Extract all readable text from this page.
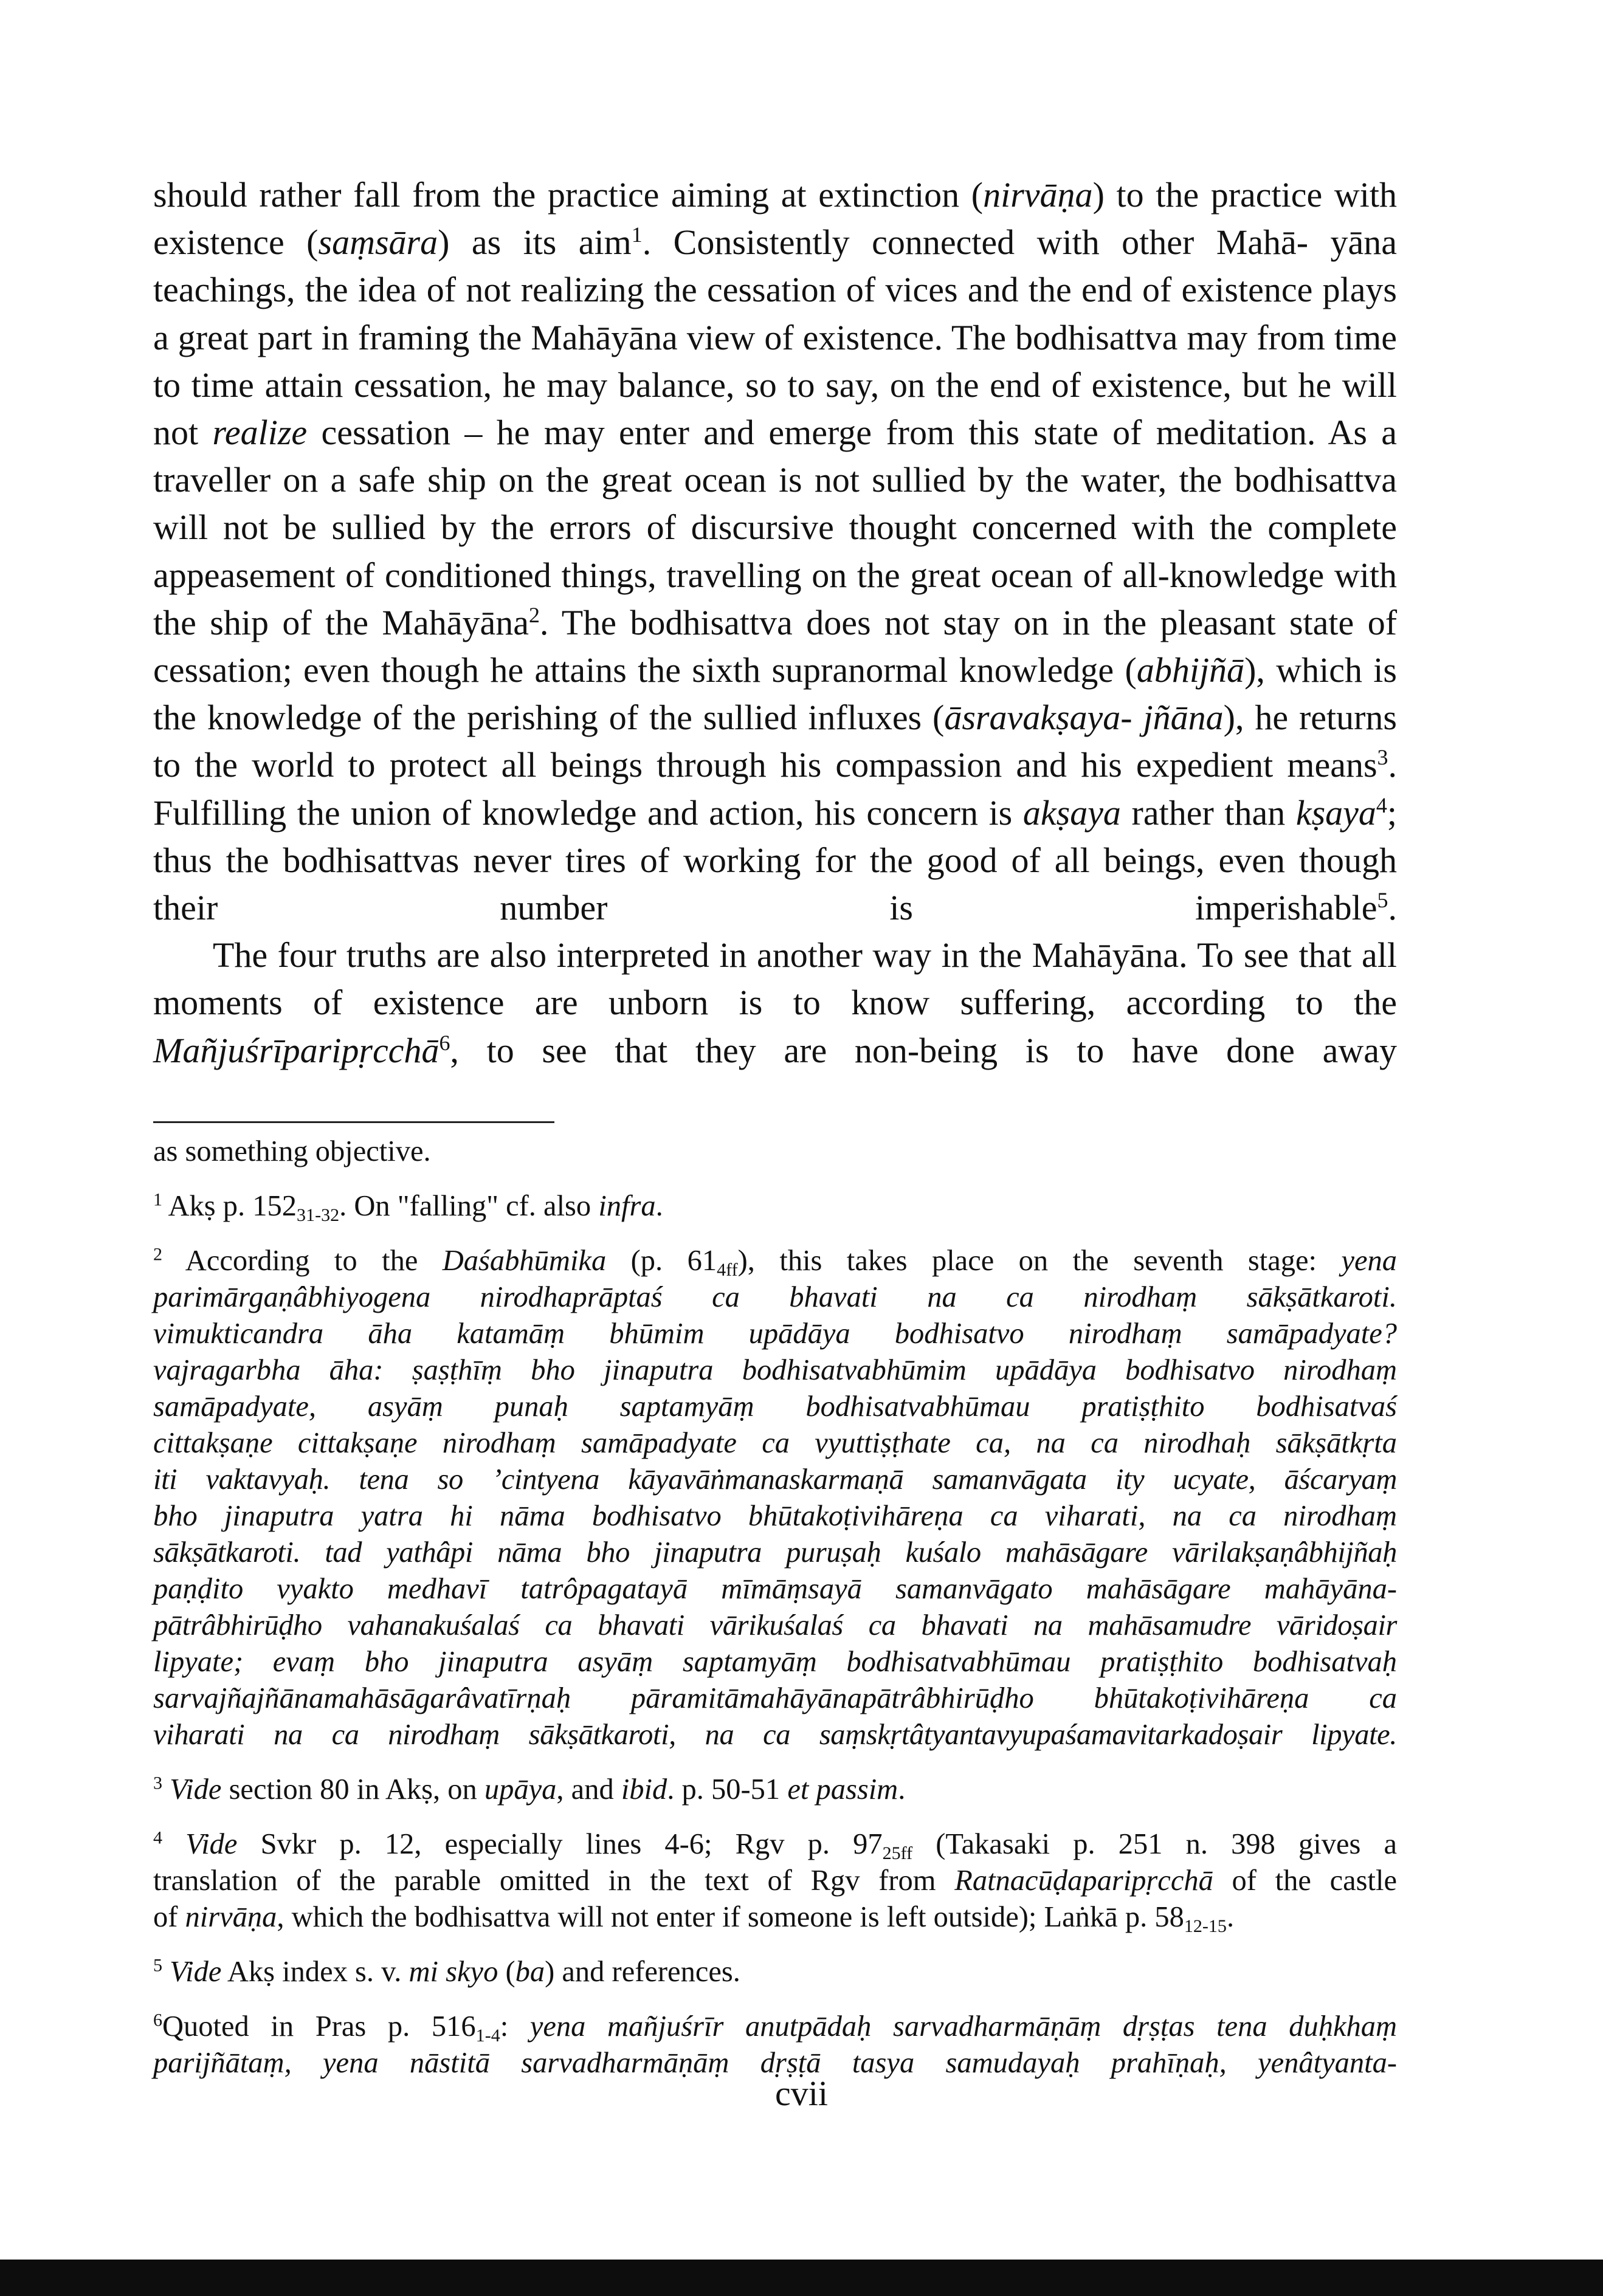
should rather fall from the practice aiming at extinction (nirvāṇa) to the practice with existence (saṃsāra) as its aim$^1$. Consistently connected with other Mahā- yāna teachings, the idea of not realizing the cessation of vices and the end of existence plays a great part in framing the Mahāyāna view of existence. The bodhisattva may from time to time attain cessation, he may balance, so to say, on the end of existence, but he will not realize cessation – he may enter and emerge from this state of meditation. As a traveller on a safe ship on the great ocean is not sullied by the water, the bodhisattva will not be sullied by the errors of discursive thought concerned with the complete appeasement of conditioned things, travelling on the great ocean of all-knowledge with the ship of the Mahāyāna$^2$. The bodhisattva does not stay on in the pleasant state of cessation; even though he attains the sixth supranormal knowledge (abhijñā), which is the knowledge of the perishing of the sullied influxes (āsravakṣaya- jñāna), he returns to the world to protect all beings through his compassion and his expedient means$^3$. Fulfilling the union of knowledge and action, his concern is akṣaya rather than kṣaya$^4$; thus the bodhisattvas never tires of working for the good of all beings, even though their number is imperishable$^5$.

The four truths are also interpreted in another way in the Mahāyāna. To see that all moments of existence are unborn is to know suffering, according to the Mañjuśrīparipṛcchā$^6$, to see that they are non-being is to have done away

as something objective.

$^1$ Akṣ p. $152_{31-32}$. On "falling" cf. also infra.

$^2$ According to the Daśabhūmika (p. $61_{4ff}$), this takes place on the seventh stage: yena
parimārgaṇâbhiyogena nirodhaprāptaś ca bhavati na ca nirodhaṃ sākṣātkaroti.
vimukticandra āha katamāṃ bhūmim upādāya bodhisatvo nirodhaṃ samāpadyate?
vajragarbha āha: ṣaṣṭhīṃ bho jinaputra bodhisatvabhūmim upādāya bodhisatvo nirodhaṃ
samāpadyate, asyāṃ punaḥ saptamyāṃ bodhisatvabhūmau pratiṣṭhito bodhisatvaś
cittakṣaṇe cittakṣaṇe nirodhaṃ samāpadyate ca vyuttiṣṭhate ca, na ca nirodhaḥ sākṣātkṛta
iti vaktavyaḥ. tena so ’cintyena kāyavāṅmanaskarmaṇā samanvāgata ity ucyate, āścaryaṃ
bho jinaputra yatra hi nāma bodhisatvo bhūtakoṭivihāreṇa ca viharati, na ca nirodhaṃ
sākṣātkaroti. tad yathâpi nāma bho jinaputra puruṣaḥ kuśalo mahāsāgare vārilakṣaṇâbhijñaḥ
paṇḍito vyakto medhavī tatrôpagatayā mīmāṃsayā samanvāgato mahāsāgare mahāyāna-
pātrâbhirūḍho vahanakuśalaś ca bhavati vārikuśalaś ca bhavati na mahāsamudre vāridoṣair
lipyate; evaṃ bho jinaputra asyāṃ saptamyāṃ bodhisatvabhūmau pratiṣṭhito bodhisatvaḥ
sarvajñajñānamahāsāgarâvatīrṇaḥ pāramitāmahāyānapātrâbhirūḍho bhūtakoṭivihāreṇa ca
viharati na ca nirodhaṃ sākṣātkaroti, na ca saṃskṛtâtyantavyupaśamavitarkadoṣair lipyate.

$^3$ Vide section 80 in Akṣ, on upāya, and ibid. p. 50-51 et passim.

$^4$ Vide Svkr p. 12, especially lines 4-6; Rgv p. $97_{25ff}$ (Takasaki p. 251 n. 398 gives a
translation of the parable omitted in the text of Rgv from Ratnacūḍaparipṛcchā of the castle
of nirvāṇa, which the bodhisattva will not enter if someone is left outside); Laṅkā p. $58_{12-15}$.

$^5$ Vide Akṣ index s. v. mi skyo (ba) and references.

$^6$Quoted in Pras p. $516_{1-4}$: yena mañjuśrīr anutpādaḥ sarvadharmāṇāṃ dṛṣṭas tena duḥkhaṃ
parijñātaṃ, yena nāstitā sarvadharmāṇāṃ dṛṣṭā tasya samudayaḥ prahīṇaḥ, yenâtyanta-

cvii
